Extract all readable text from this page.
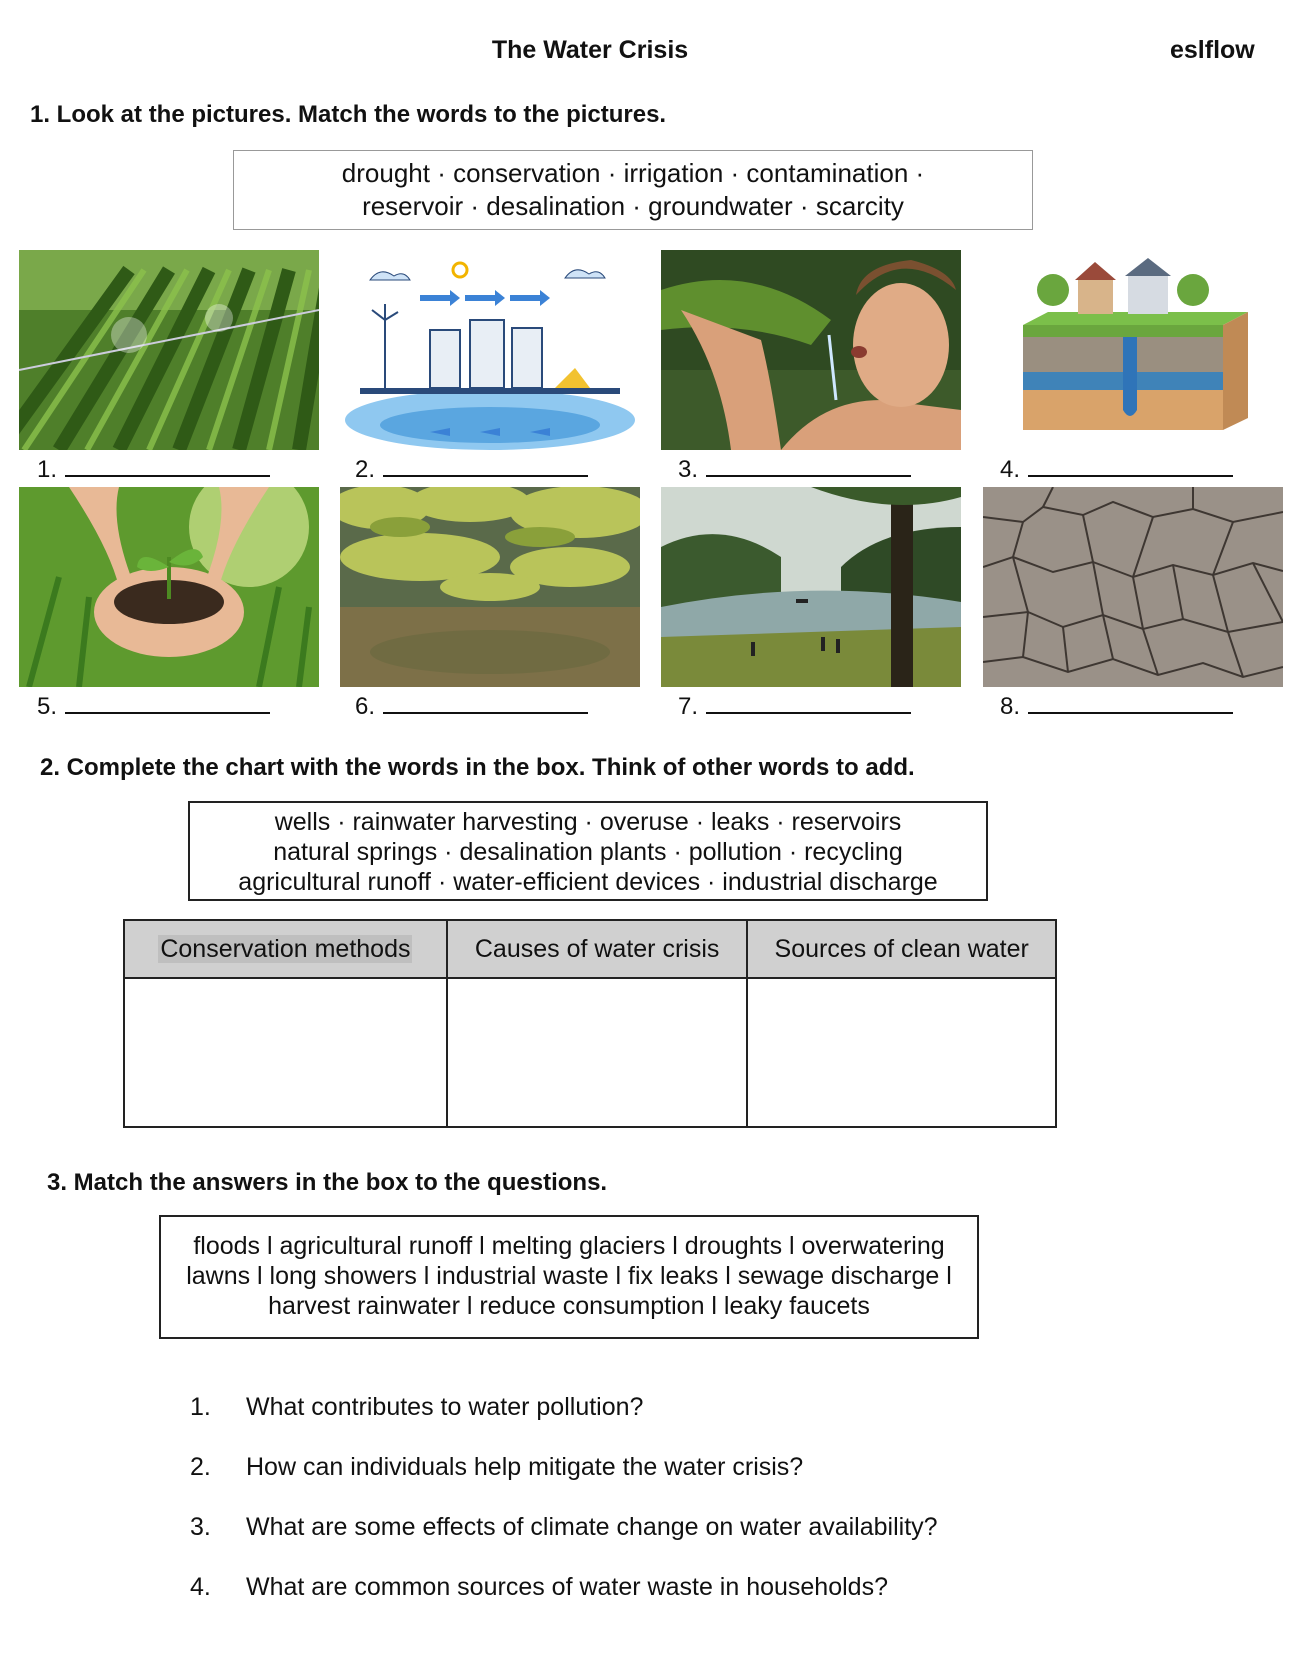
The Water Crisis	eslflow
1. Look at the pictures. Match the words to the pictures.
drought · conservation · irrigation · contamination ·
reservoir · desalination · groundwater · scarcity
1.	2.	3.	4.
5.	6.	7.	8.
2. Complete the chart with the words in the box. Think of other words to add.
wells · rainwater harvesting · overuse · leaks · reservoirs
natural springs · desalination plants · pollution · recycling
agricultural runoff · water-efficient devices · industrial discharge
Conservation methods	Causes of water crisis	Sources of clean water

3. Match the answers in the box to the questions.
floods l agricultural runoff l melting glaciers l droughts l overwatering
lawns l long showers l industrial waste l fix leaks l sewage discharge l
harvest rainwater l reduce consumption l leaky faucets
1.	What contributes to water pollution?
2.	How can individuals help mitigate the water crisis?
3.	What are some effects of climate change on water availability?
4.	What are common sources of water waste in households?
